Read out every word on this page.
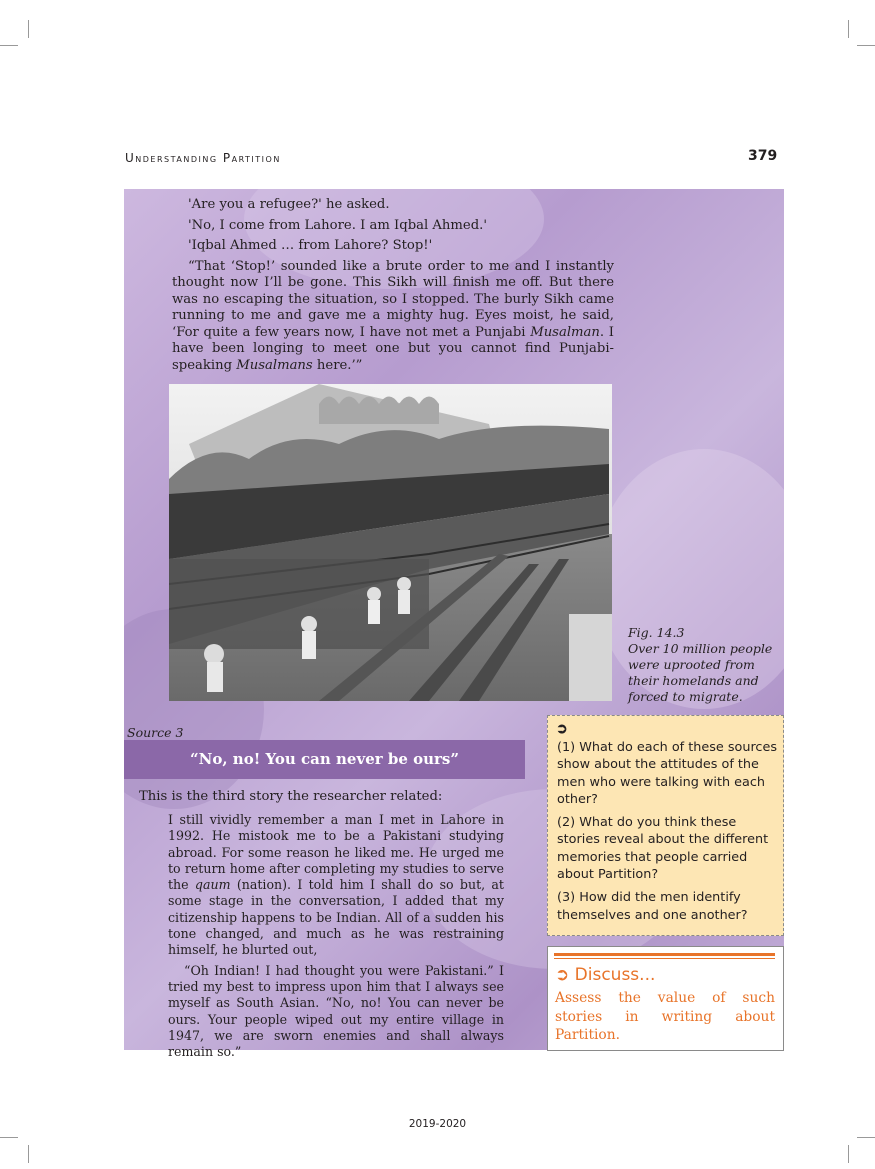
Understanding Partition	379

'Are you a refugee?' he asked.

'No, I come from Lahore. I am Iqbal Ahmed.'

'Iqbal Ahmed … from Lahore? Stop!'

“That ‘Stop!’ sounded like a brute order to me and I instantly thought now I’ll be gone. This Sikh will finish me off. But there was no escaping the situation, so I stopped. The burly Sikh came running to me and gave me a mighty hug. Eyes moist, he said, ‘For quite a few years now, I have not met a Punjabi Musalman. I have been longing to meet one but you cannot find Punjabi-speaking Musalmans here.’”

Fig. 14.3
Over 10 million people were uprooted from their homelands and forced to migrate.
Source 3
“No, no! You can never be ours”
This is the third story the researcher related:

I still vividly remember a man I met in Lahore in 1992. He mistook me to be a Pakistani studying abroad. For some reason he liked me. He urged me to return home after completing my studies to serve the qaum (nation). I told him I shall do so but, at some stage in the conversation, I added that my citizenship happens to be Indian. All of a sudden his tone changed, and much as he was restraining himself, he blurted out,

“Oh Indian! I had thought you were Pakistani.” I tried my best to impress upon him that I always see myself as South Asian. “No, no! You can never be ours. Your people wiped out my entire village in 1947, we are sworn enemies and shall always remain so.”

➲

(1) What do each of these sources show about the attitudes of the men who were talking with each other?

(2) What do you think these stories reveal about the different memories that people carried about Partition?

(3) How did the men identify themselves and one another?

➲ Discuss...
Assess the value of such stories in writing about Partition.
2019-2020
